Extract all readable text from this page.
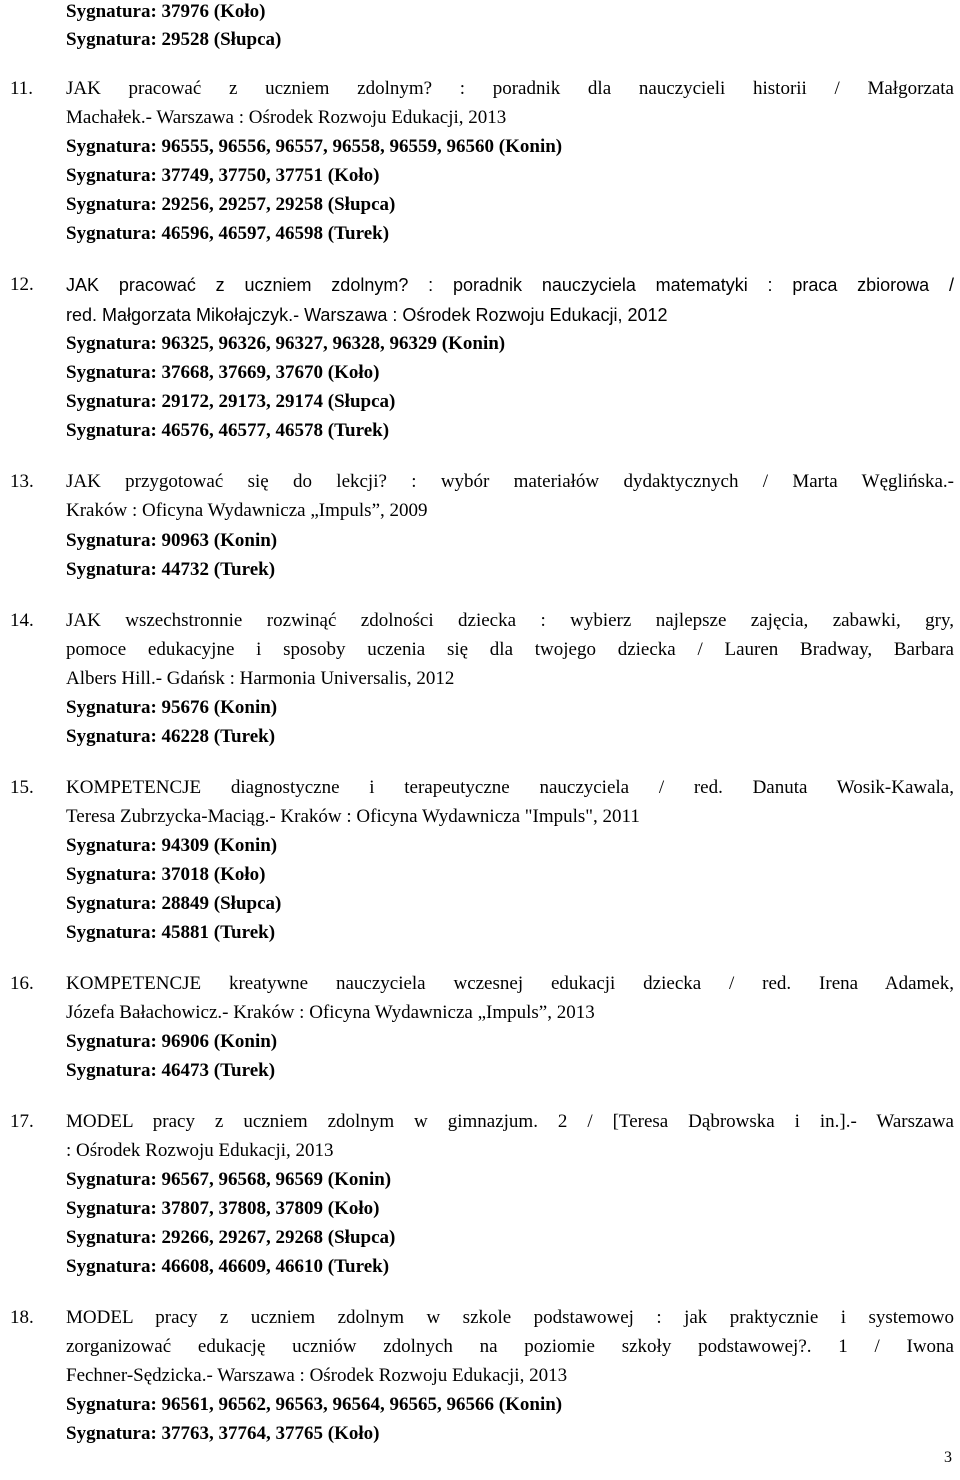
Sygnatura: 37976 (Koło)
Sygnatura: 29528 (Słupca)
11. JAK pracować z uczniem zdolnym? : poradnik dla nauczycieli historii / Małgorzata
Machałek.- Warszawa : Ośrodek Rozwoju Edukacji, 2013
Sygnatura: 96555, 96556, 96557, 96558, 96559, 96560 (Konin)
Sygnatura: 37749, 37750, 37751 (Koło)
Sygnatura: 29256, 29257, 29258 (Słupca)
Sygnatura: 46596, 46597, 46598 (Turek)
12. JAK pracować z uczniem zdolnym? : poradnik nauczyciela matematyki : praca zbiorowa /
red. Małgorzata Mikołajczyk.- Warszawa : Ośrodek Rozwoju Edukacji, 2012
Sygnatura: 96325, 96326, 96327, 96328, 96329 (Konin)
Sygnatura: 37668, 37669, 37670 (Koło)
Sygnatura: 29172, 29173, 29174 (Słupca)
Sygnatura: 46576, 46577, 46578 (Turek)
13. JAK przygotować się do lekcji? : wybór materiałów dydaktycznych / Marta Węglińska.-
Kraków : Oficyna Wydawnicza „Impuls”, 2009
Sygnatura: 90963 (Konin)
Sygnatura: 44732 (Turek)
14. JAK wszechstronnie rozwinąć zdolności dziecka : wybierz najlepsze zajęcia, zabawki, gry,
pomoce edukacyjne i sposoby uczenia się dla twojego dziecka / Lauren Bradway, Barbara
Albers Hill.- Gdańsk : Harmonia Universalis, 2012
Sygnatura: 95676 (Konin)
Sygnatura: 46228 (Turek)
15. KOMPETENCJE diagnostyczne i terapeutyczne nauczyciela / red. Danuta Wosik-Kawala,
Teresa Zubrzycka-Maciąg.- Kraków : Oficyna Wydawnicza "Impuls", 2011
Sygnatura: 94309 (Konin)
Sygnatura: 37018 (Koło)
Sygnatura: 28849 (Słupca)
Sygnatura: 45881 (Turek)
16. KOMPETENCJE kreatywne nauczyciela wczesnej edukacji dziecka / red. Irena Adamek,
Józefa Bałachowicz.- Kraków : Oficyna Wydawnicza „Impuls”, 2013
Sygnatura: 96906 (Konin)
Sygnatura: 46473 (Turek)
17. MODEL pracy z uczniem zdolnym w gimnazjum. 2 / [Teresa Dąbrowska i in.].- Warszawa
: Ośrodek Rozwoju Edukacji, 2013
Sygnatura: 96567, 96568, 96569 (Konin)
Sygnatura: 37807, 37808, 37809 (Koło)
Sygnatura: 29266, 29267, 29268 (Słupca)
Sygnatura: 46608, 46609, 46610 (Turek)
18. MODEL pracy z uczniem zdolnym w szkole podstawowej : jak praktycznie i systemowo
zorganizować edukację uczniów zdolnych na poziomie szkoły podstawowej?. 1 / Iwona
Fechner-Sędzicka.- Warszawa : Ośrodek Rozwoju Edukacji, 2013
Sygnatura: 96561, 96562, 96563, 96564, 96565, 96566 (Konin)
Sygnatura: 37763, 37764, 37765 (Koło)
3
